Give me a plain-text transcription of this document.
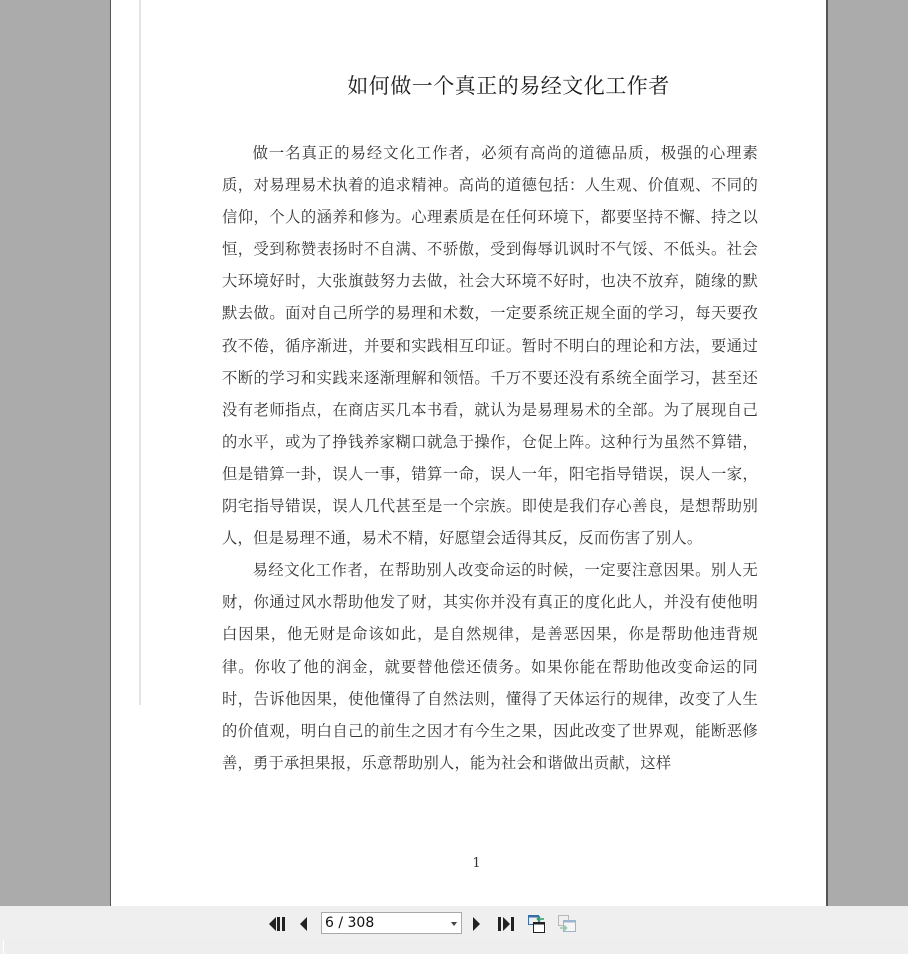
如何做一个真正的易经文化工作者

做一名真正的易经文化工作者，必须有高尚的道德品质，极强的心理素质，对易理易术执着的追求精神。高尚的道德包括：人生观、价值观、不同的信仰，个人的涵养和修为。心理素质是在任何环境下，都要坚持不懈、持之以恒，受到称赞表扬时不自满、不骄傲，受到侮辱讥讽时不气馁、不低头。社会大环境好时，大张旗鼓努力去做，社会大环境不好时，也决不放弃，随缘的默默去做。面对自己所学的易理和术数，一定要系统正规全面的学习，每天要孜孜不倦，循序渐进，并要和实践相互印证。暂时不明白的理论和方法，要通过不断的学习和实践来逐渐理解和领悟。千万不要还没有系统全面学习，甚至还没有老师指点，在商店买几本书看，就认为是易理易术的全部。为了展现自己的水平，或为了挣钱养家糊口就急于操作，仓促上阵。这种行为虽然不算错，但是错算一卦，误人一事，错算一命，误人一年，阳宅指导错误，误人一家，阴宅指导错误，误人几代甚至是一个宗族。即使是我们存心善良，是想帮助别人，但是易理不通，易术不精，好愿望会适得其反，反而伤害了别人。

易经文化工作者，在帮助别人改变命运的时候，一定要注意因果。别人无财，你通过风水帮助他发了财，其实你并没有真正的度化此人，并没有使他明白因果，他无财是命该如此，是自然规律，是善恶因果，你是帮助他违背规律。你收了他的润金，就要替他偿还债务。如果你能在帮助他改变命运的同时，告诉他因果，使他懂得了自然法则，懂得了天体运行的规律，改变了人生的价值观，明白自己的前生之因才有今生之果，因此改变了世界观，能断恶修善，勇于承担果报，乐意帮助别人，能为社会和谐做出贡献，这样

1
6 / 308
